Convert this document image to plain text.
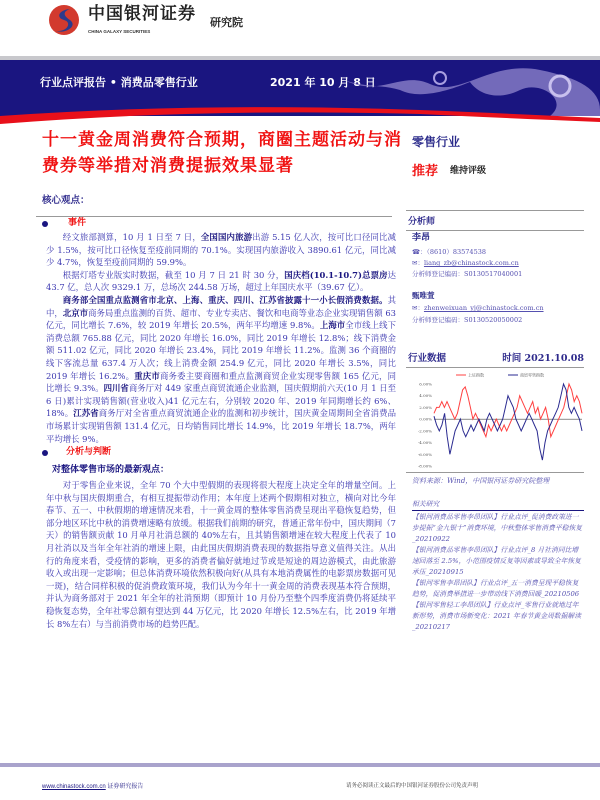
中国银河证券
CHINA GALAXY SECURITIES
研究院
行业点评报告 • 消费品零售行业	2021 年 10 月 8 日
十一黄金周消费符合预期，商圈主题活动与消费券等举措对消费提振效果显著
零售行业
推荐 维持评级
核心观点：
事件

经文旅部测算，10 月 1 日至 7 日，全国国内旅游出游 5.15 亿人次，按可比口径同比减少 1.5%，按可比口径恢复至疫前同期的 70.1%。实现国内旅游收入 3890.61 亿元，同比减少 4.7%，恢复至疫前同期的 59.9%。

根据灯塔专业版实时数据，截至 10 月 7 日 21 时 30 分，国庆档(10.1-10.7)总票房达 43.7 亿，总人次 9329.1 万，总场次 244.58 万场，超过上年国庆水平（39.67 亿）。

商务部全国重点监测省市北京、上海、重庆、四川、江苏省披露十一小长假消费数据。其中，北京市商务局重点监测的百货、超市、专业专卖店、餐饮和电商等业态企业实现销售额 63 亿元，同比增长 7.6%，较 2019 年增长 20.5%，两年平均增速 9.8%。上海市全市线上线下消费总额 765.88 亿元，同比 2020 年增长 16.0%，同比 2019 年增长 12.8%；线下消费金额 511.02 亿元，同比 2020 年增长 23.4%，同比 2019 年增长 11.2%。监测 36 个商圈的线下客流总量 637.4 万人次；线上消费金额 254.9 亿元，同比 2020 年增长 3.5%，同比 2019 年增长 16.2%。重庆市商务委主要商圈和重点监测商贸企业实现零售额 165 亿元，同比增长 9.3%。四川省商务厅对 449 家重点商贸流通企业监测，国庆假期前六天(10 月 1 日至 6 日)累计实现销售额(营业收入)41 亿元左右，分别较 2020 年、2019 年同期增长约 6%、18%。江苏省商务厅对全省重点商贸流通企业的监测和初步统计，国庆黄金周期间全省消费品市场累计实现销售额 131.4 亿元，日均销售同比增长 14.9%，比 2019 年增长 18.7%，两年平均增长 9%。

分析与判断
对整体零售市场的最新观点：

对于零售企业来说，全年 70 个大中型假期的表现将很大程度上决定全年的增量空间。上年中秋与国庆假期重合，有相互提振带动作用；本年度上述两个假期相对独立，横向对比今年春节、五一、中秋假期的增速情况来看，十一黄金周的整体零售消费呈现出平稳恢复趋势，但部分地区环比中秋的消费增速略有放缓。根据我们前期的研究，普通正常年份中，国庆期间（7 天）的销售额贡献 10 月单月社消总额的 40%左右，且其销售额增速在较大程度上代表了 10 月社消以及当年全年社消的增速上限，由此国庆假期消费表现的数据指导意义值得关注。从出行的角度来看，受疫情的影响，更多的消费者偏好就地过节或是短途的周边游模式，由此旅游收入或出现一定影响；但总体消费环境依然积极向好(从具有本地消费属性的电影票房数据可见一斑)，结合同样积极的促消费政策环境，我们认为今年十一黄金周的消费表现基本符合预期，并认为商务部对于 2021 年全年的社消预期（即预计 10 月份乃至整个四季度消费仍将延续平稳恢复态势，全年社零总额有望达到 44 万亿元，比 2020 年增长 12.5%左右，比 2019 年增长 8%左右）与当前消费市场的趋势匹配。

分析师
李昂
☎：（8610）83574538
✉：liang_zb@chinastock.com.cn
分析师登记编码：S0130517040001
甄唯萱
✉：zhenweixuan_yj@chinastock.com.cn
分析师登记编码：S0130520050002
行业数据	时间 2021.10.08
6.00%
4.00%
2.00%
0.00%
-2.00%
-4.00%
-6.00%
-8.00%
上证指数	商贸零售指数
资料来源：Wind，中国银河证券研究院整理
相关研究
【银河消费品零售李昂团队】行业点评_促消费政策进一步提振“金九银十”消费环境，中秋整体零售消费平稳恢复_20210922
【银河消费品零售李昂团队】行业点评_8 月社消同比增速回落至 2.5%，小范围疫情反复等因素或导致全年恢复承压_20210915
【银河零售李昂团队】行业点评_五一消费呈现平稳恢复趋势，促消费举措进一步带动线下消费回暖_20210506
【银河零售轻工李昂团队】行业点评_零售行业就地过年新形势，消费市场新变化：2021 年春节黄金周数据解读_20210217
www.chinastock.com.cn 证券研究报告	请务必阅读正文最后的中国银河证券股份公司免责声明
